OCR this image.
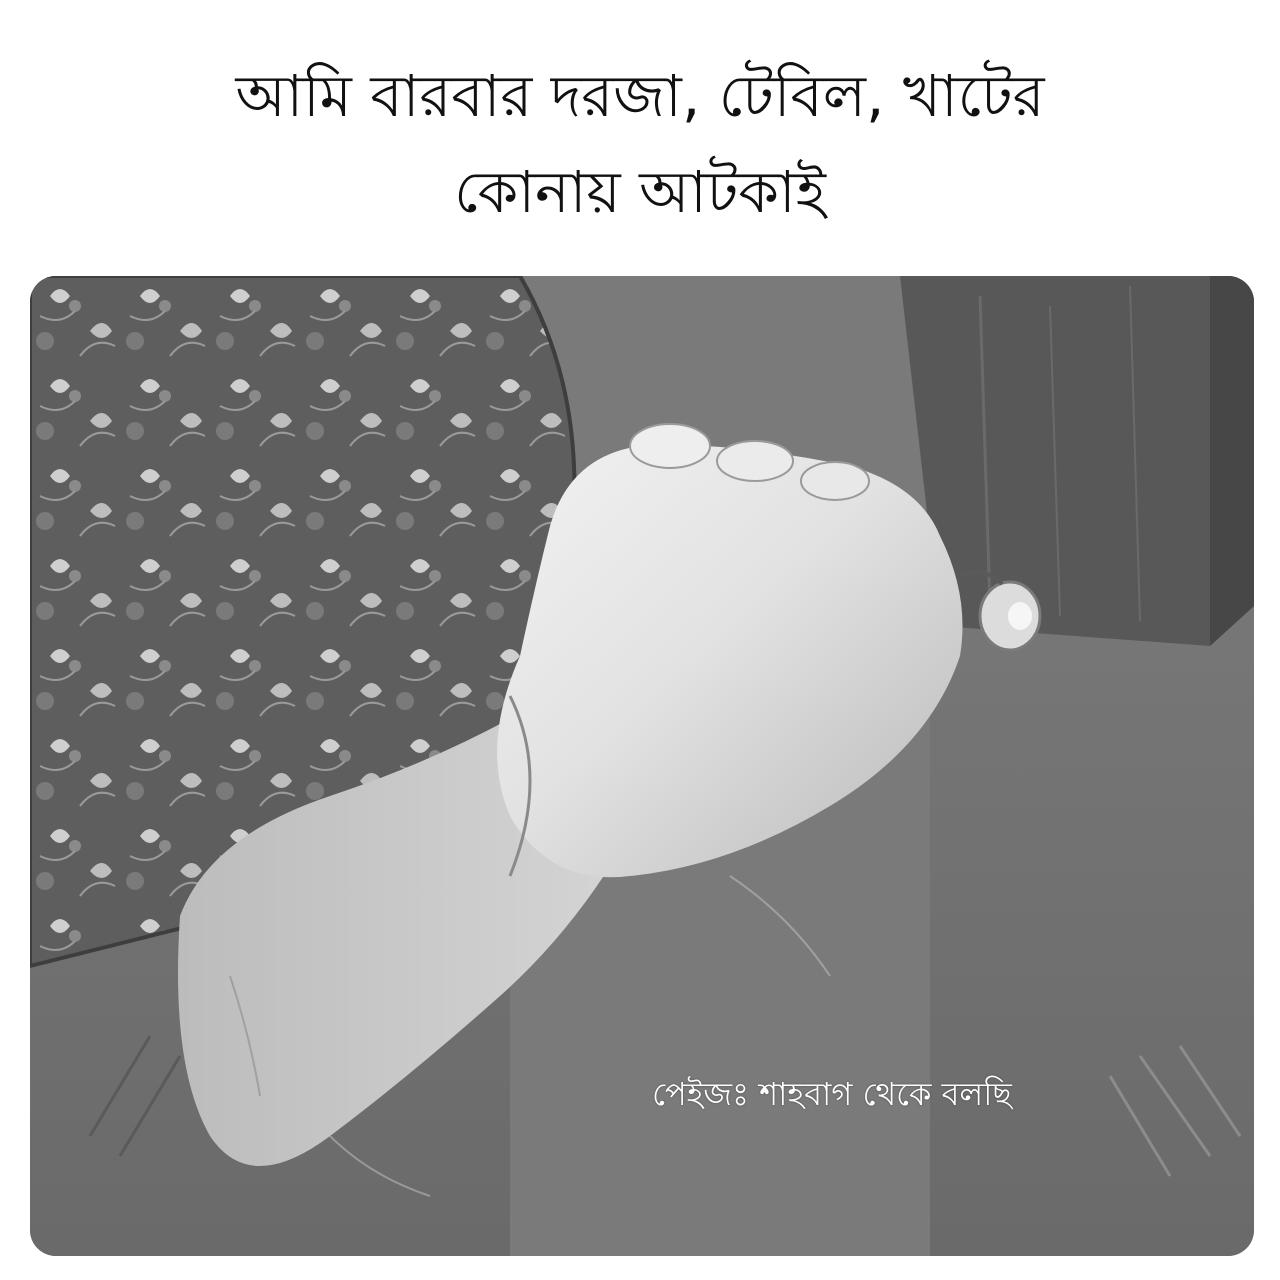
আমি বারবার দরজা, টেবিল, খাটের
কোনায় আটকাই
পেইজঃ শাহবাগ থেকে বলছি
